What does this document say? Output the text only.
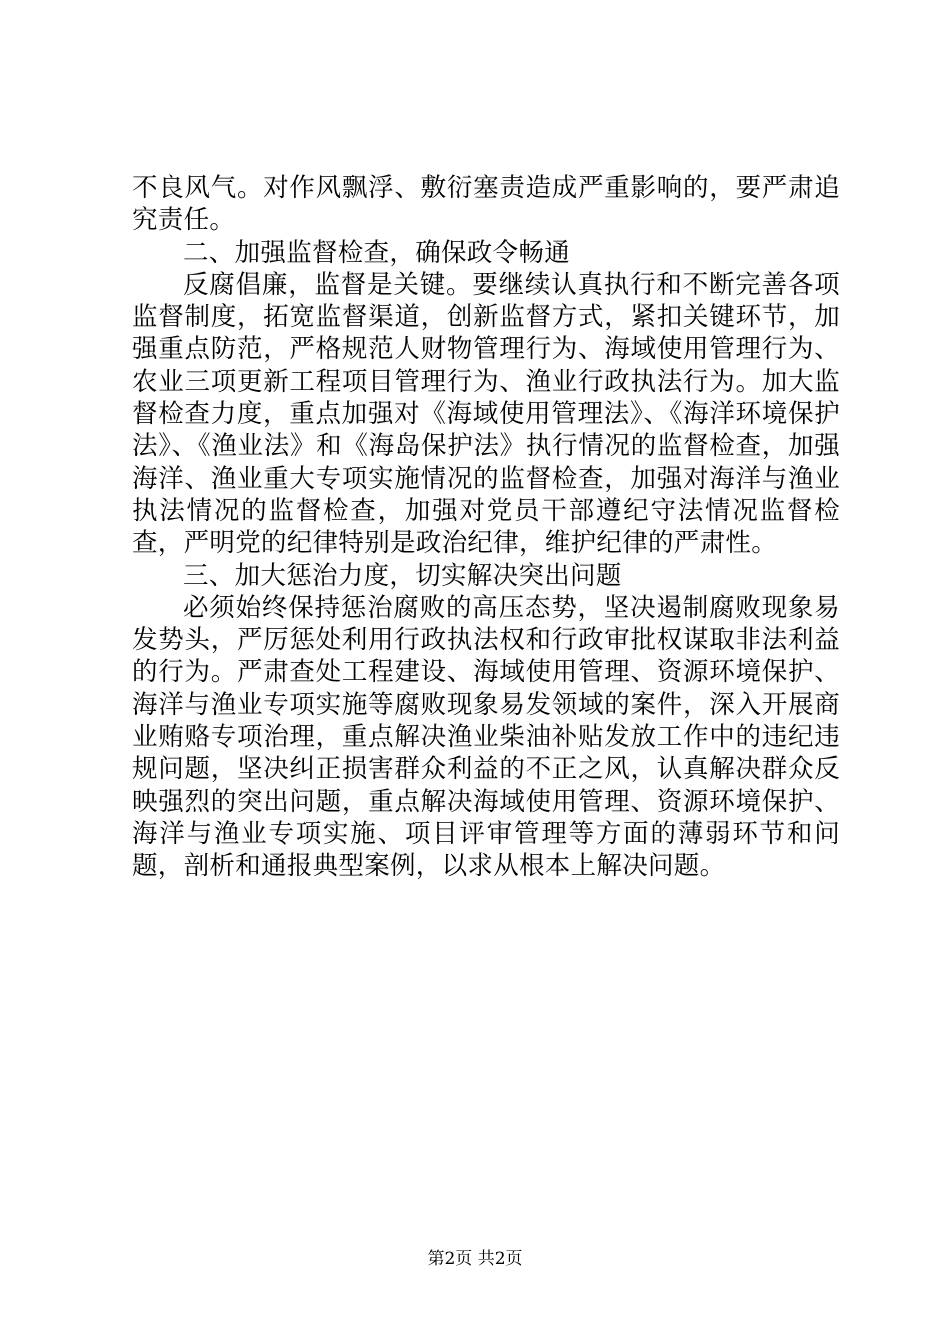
不良风气。对作风飘浮、敷衍塞责造成严重影响的，要严肃追究责任。

二、加强监督检查，确保政令畅通

反腐倡廉，监督是关键。要继续认真执行和不断完善各项监督制度，拓宽监督渠道，创新监督方式，紧扣关键环节，加强重点防范，严格规范人财物管理行为、海域使用管理行为、农业三项更新工程项目管理行为、渔业行政执法行为。加大监督检查力度，重点加强对《海域使用管理法》、《海洋环境保护法》、《渔业法》和《海岛保护法》执行情况的监督检查，加强海洋、渔业重大专项实施情况的监督检查，加强对海洋与渔业执法情况的监督检查，加强对党员干部遵纪守法情况监督检查，严明党的纪律特别是政治纪律，维护纪律的严肃性。

三、加大惩治力度，切实解决突出问题

必须始终保持惩治腐败的高压态势，坚决遏制腐败现象易发势头，严厉惩处利用行政执法权和行政审批权谋取非法利益的行为。严肃查处工程建设、海域使用管理、资源环境保护、海洋与渔业专项实施等腐败现象易发领域的案件，深入开展商业贿赂专项治理，重点解决渔业柴油补贴发放工作中的违纪违规问题，坚决纠正损害群众利益的不正之风，认真解决群众反映强烈的突出问题，重点解决海域使用管理、资源环境保护、海洋与渔业专项实施、项目评审管理等方面的薄弱环节和问题，剖析和通报典型案例，以求从根本上解决问题。

第2页 共2页
